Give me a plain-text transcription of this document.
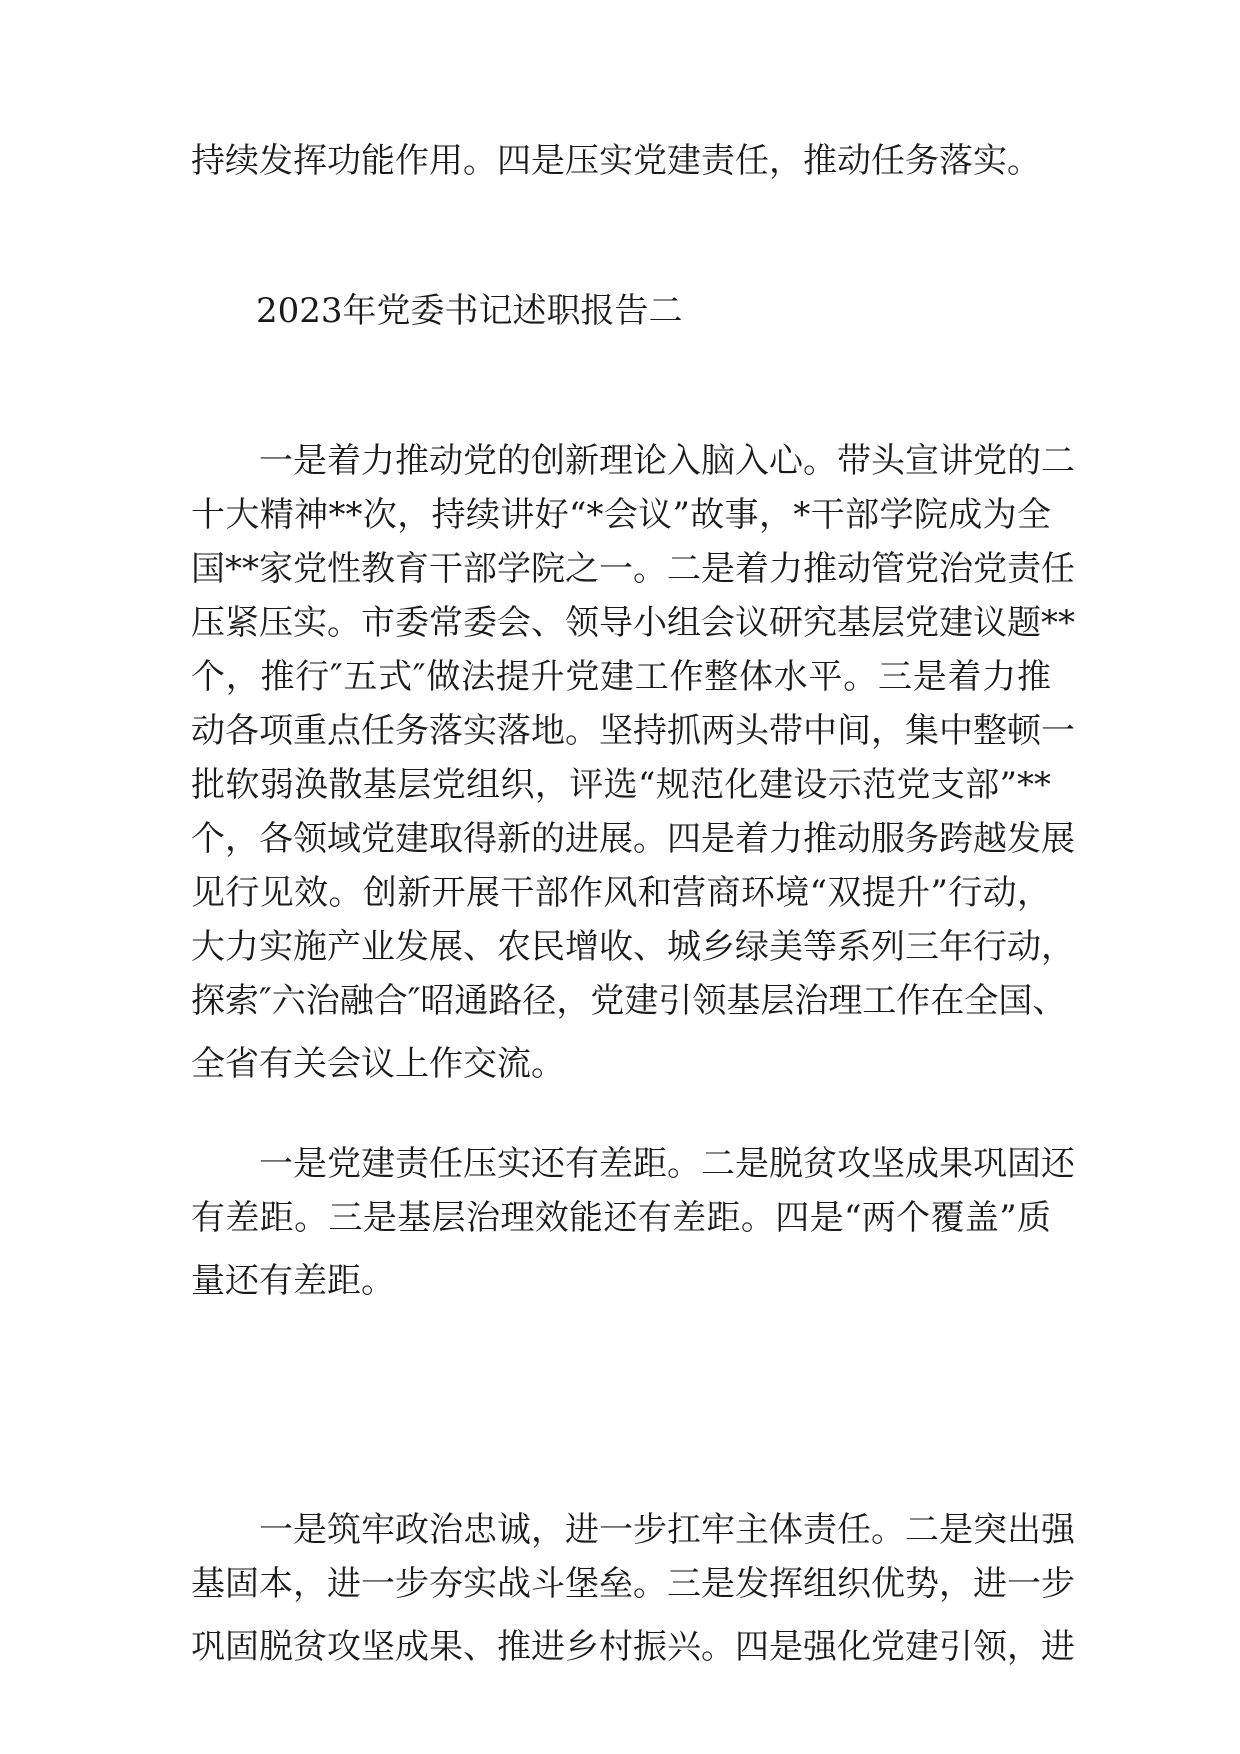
持续发挥功能作用。四是压实党建责任，推动任务落实。
2023年党委书记述职报告二
　　一是着力推动党的创新理论入脑入心。带头宣讲党的二
十大精神**次，持续讲好“*会议”故事，*干部学院成为全
国**家党性教育干部学院之一。二是着力推动管党治党责任
压紧压实。市委常委会、领导小组会议研究基层党建议题**
个，推行″五式″做法提升党建工作整体水平。三是着力推
动各项重点任务落实落地。坚持抓两头带中间，集中整顿一
批软弱涣散基层党组织，评选“规范化建设示范党支部”**
个，各领域党建取得新的进展。四是着力推动服务跨越发展
见行见效。创新开展干部作风和营商环境“双提升”行动，
大力实施产业发展、农民增收、城乡绿美等系列三年行动，
探索″六治融合″昭通路径，党建引领基层治理工作在全国、
全省有关会议上作交流。
　　一是党建责任压实还有差距。二是脱贫攻坚成果巩固还
有差距。三是基层治理效能还有差距。四是“两个覆盖”质
量还有差距。
　　一是筑牢政治忠诚，进一步扛牢主体责任。二是突出强
基固本，进一步夯实战斗堡垒。三是发挥组织优势，进一步
巩固脱贫攻坚成果、推进乡村振兴。四是强化党建引领，进
